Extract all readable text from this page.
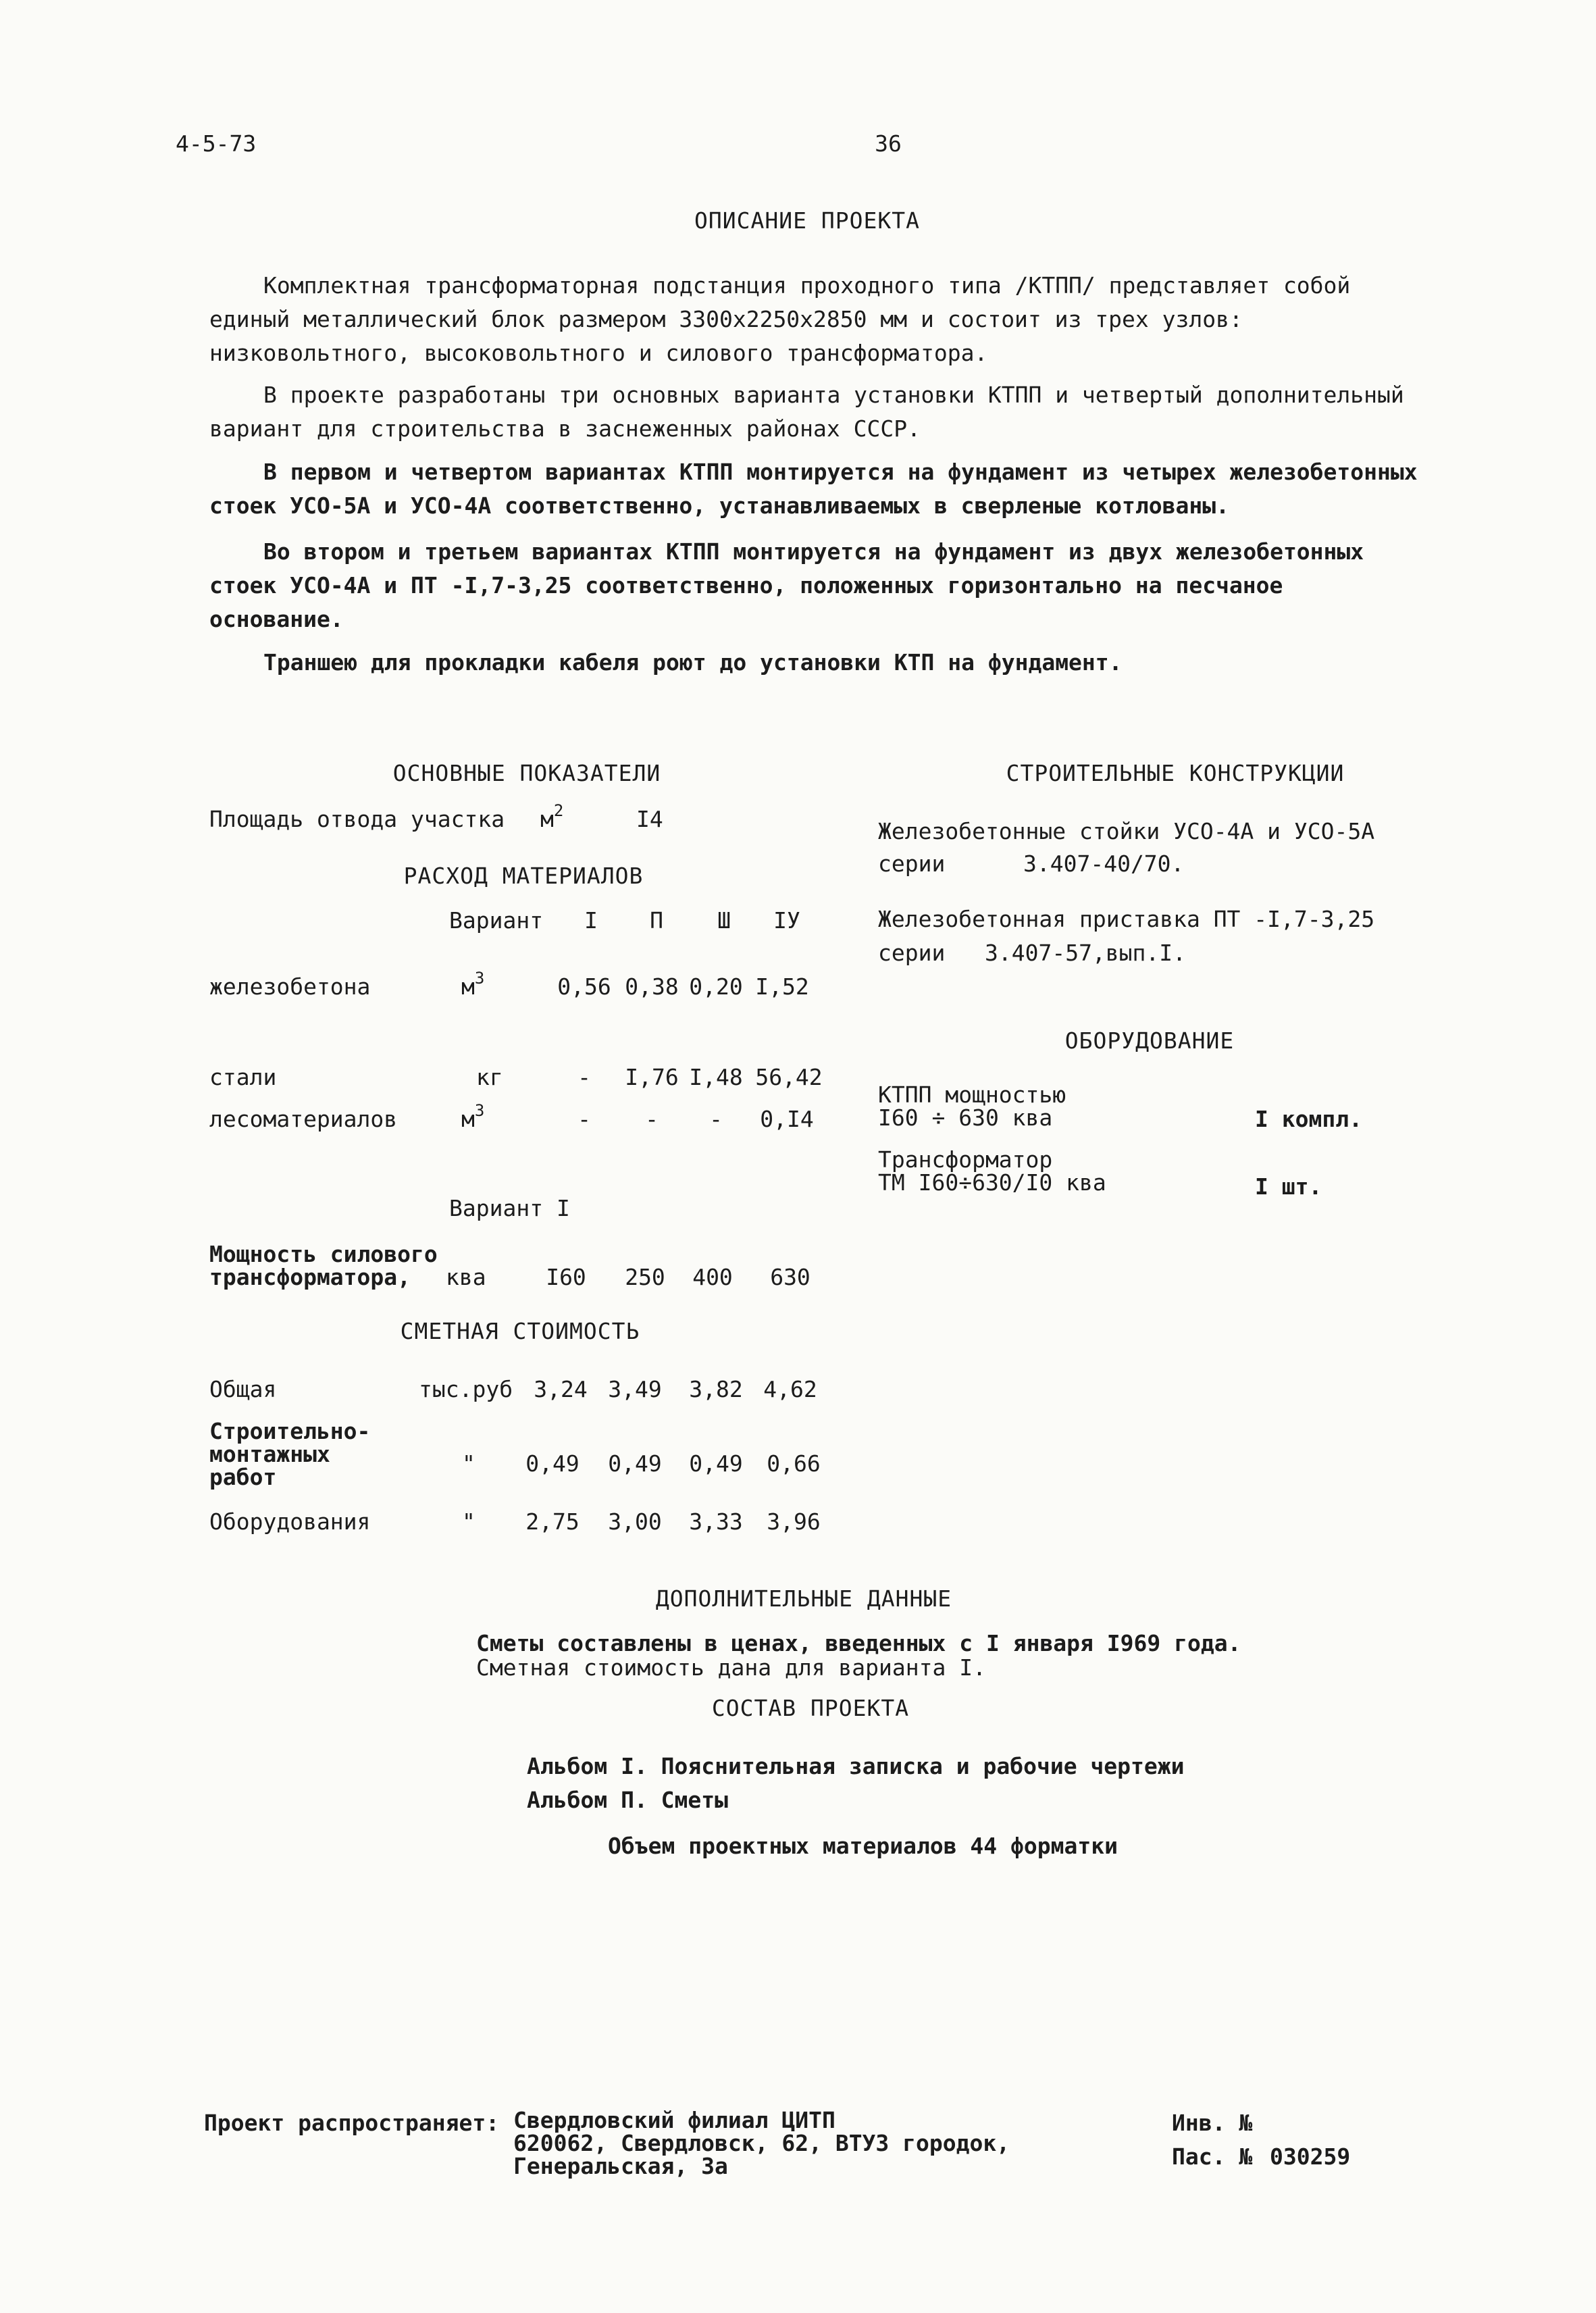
4-5-73	36
ОПИСАНИЕ ПРОЕКТА

Комплектная трансформаторная подстанция проходного типа /КТПП/ представляет собой единый металлический блок размером 3300x2250x2850 мм и состоит из трех узлов: низковольтного, высоковольтного и силового трансформатора.

В проекте разработаны три основных варианта установки КТПП и четвертый дополнительный вариант для строительства в заснеженных районах СССР.

В первом и четвертом вариантах КТПП монтируется на фундамент из четырех железобетонных стоек УСО-5А и УСО-4А соответственно, устанавливаемых в сверленые котлованы.

Во втором и третьем вариантах КТПП монтируется на фундамент из двух железобетонных стоек УСО-4А и ПТ -I,7-3,25 соответственно, положенных горизонтально на песчаное основание.

Траншею для прокладки кабеля роют до установки КТП на фундамент.

ОСНОВНЫЕ ПОКАЗАТЕЛИ
Площадь отвода участка $м^2$	I4
РАСХОД МАТЕРИАЛОВ
Вариант I П Ш IУ
железобетона	$м^3$	0,56 0,38 0,20 I,52
стали	кг	- I,76 I,48 56,42
лесоматериалов	$м^3$	- - - 0,I4
Вариант I
Мощность силового
трансформатора,	ква	I60 250 400 630
СМЕТНАЯ СТОИМОСТЬ
Общая	тыс.руб 3,24 3,49 3,82 4,62
Строительно-
монтажных
работ
" 0,49 0,49 0,49 0,66
Оборудования	" 2,75 3,00 3,33 3,96
СТРОИТЕЛЬНЫЕ КОНСТРУКЦИИ
Железобетонные стойки УСО-4А и УСО-5А
серии	3.407-40/70.
Железобетонная приставка ПТ -I,7-3,25
серии 3.407-57,вып.I.
ОБОРУДОВАНИЕ
КТПП мощностью
I60 ÷ 630 ква	I компл.
Трансформатор
ТМ I60÷630/I0 ква	I шт.
ДОПОЛНИТЕЛЬНЫЕ ДАННЫЕ
Сметы составлены в ценах, введенных с I января I969 года.
Сметная стоимость дана для варианта I.
СОСТАВ ПРОЕКТА
Альбом I. Пояснительная записка и рабочие чертежи
Альбом П. Сметы
Объем проектных материалов 44 форматки
Проект распространяет: Свердловский филиал ЦИТП
620062, Свердловск, 62, ВТУЗ городок,
Генеральская, 3а
Инв. №
Пас. № 030259
